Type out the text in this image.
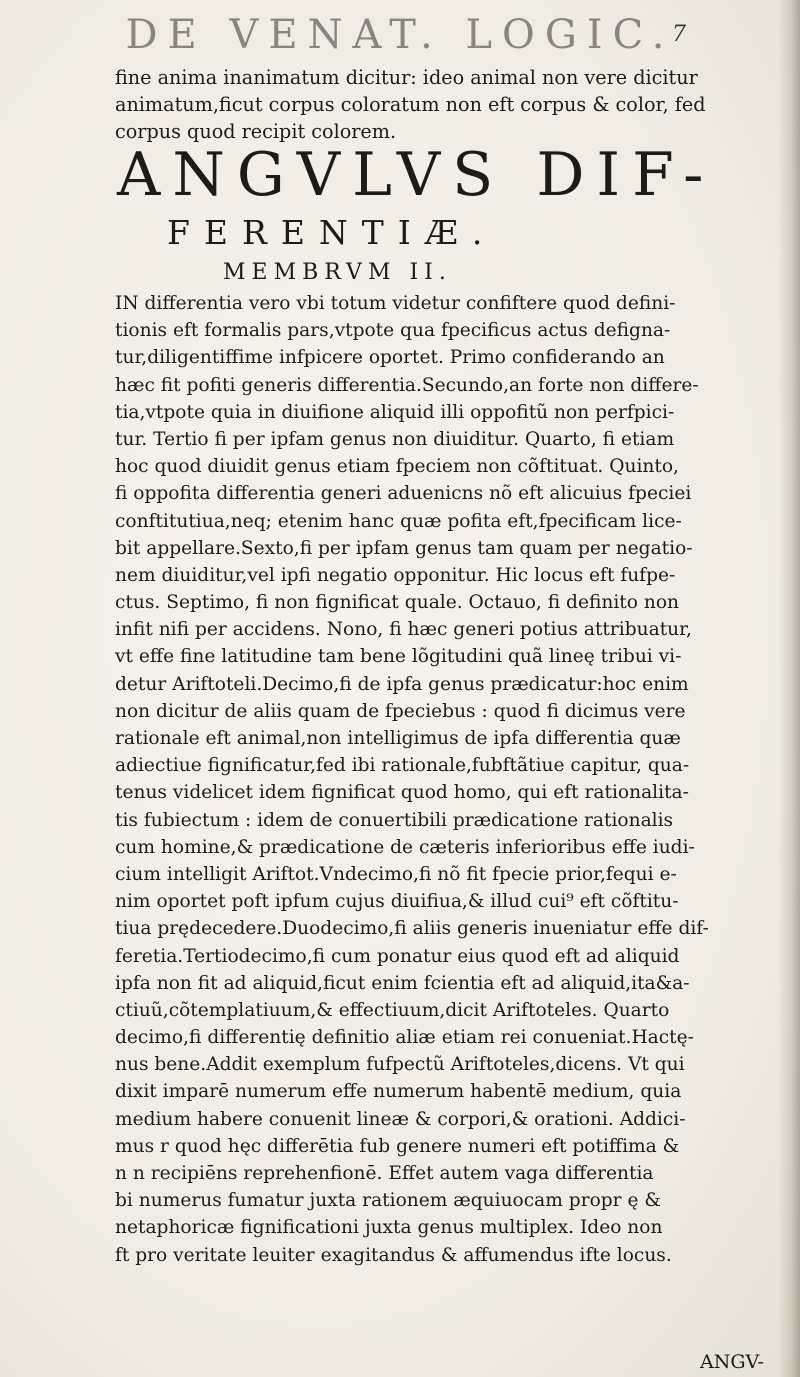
DE VENAT. LOGIC.
7
fine anima inanimatum dicitur: ideo animal non vere dicitur
animatum,ficut corpus coloratum non eft corpus & color, fed
corpus quod recipit colorem.
ANGVLVS DIF-
FERENTIÆ.
MEMBRVM II.
IN differentia vero vbi totum videtur confiftere quod defini-
tionis eft formalis pars,vtpote qua fpecificus actus defigna-
tur,diligentiffime infpicere oportet. Primo confiderando an
hæc fit pofiti generis differentia.Secundo,an forte non differe-
tia,vtpote quia in diuifione aliquid illi oppofitũ non perfpici-
tur. Tertio fi per ipfam genus non diuiditur. Quarto, fi etiam
hoc quod diuidit genus etiam fpeciem non cõftituat. Quinto,
fi oppofita differentia generi aduenicns nõ eft alicuius fpeciei
conftitutiua,neq; etenim hanc quæ pofita eft,fpecificam lice-
bit appellare.Sexto,fi per ipfam genus tam quam per negatio-
nem diuiditur,vel ipfi negatio opponitur. Hic locus eft fufpe-
ctus. Septimo, fi non fignificat quale. Octauo, fi definito non
infit nifi per accidens. Nono, fi hæc generi potius attribuatur,
vt effe fine latitudine tam bene lõgitudini quã lineę tribui vi-
detur Ariftoteli.Decimo,fi de ipfa genus prædicatur:hoc enim
non dicitur de aliis quam de fpeciebus : quod fi dicimus vere
rationale eft animal,non intelligimus de ipfa differentia quæ
adiectiue fignificatur,fed ibi rationale,fubftãtiue capitur, qua-
tenus videlicet idem fignificat quod homo, qui eft rationalita-
tis fubiectum : idem de conuertibili prædicatione rationalis
cum homine,& prædicatione de cæteris inferioribus effe iudi-
cium intelligit Ariftot.Vndecimo,fi nõ fit fpecie prior,fequi e-
nim oportet poft ipfum cujus diuifiua,& illud cui⁹ eft cõftitu-
tiua prędecedere.Duodecimo,fi aliis generis inueniatur effe dif-
feretia.Tertiodecimo,fi cum ponatur eius quod eft ad aliquid
ipfa non fit ad aliquid,ficut enim fcientia eft ad aliquid,ita&a-
ctiuũ,cõtemplatiuum,& effectiuum,dicit Ariftoteles. Quarto
decimo,fi differentię definitio aliæ etiam rei conueniat.Hactę-
nus bene.Addit exemplum fufpectũ Ariftoteles,dicens. Vt qui
dixit imparē numerum effe numerum habentē medium, quia
medium habere conuenit lineæ & corpori,& orationi. Addici-
mus r quod hęc differētia fub genere numeri eft potiffima &
n n recipiēns reprehenfionē. Effet autem vaga differentia
bi numerus fumatur juxta rationem æquiuocam propr ę &
netaphoricæ fignificationi juxta genus multiplex. Ideo non
ft pro veritate leuiter exagitandus & affumendus ifte locus.
ANGV-
